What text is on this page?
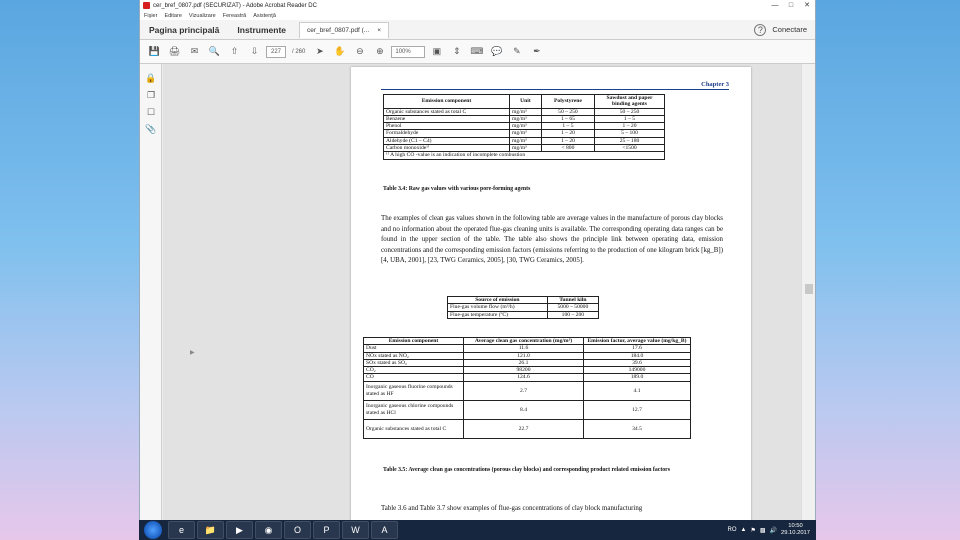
cer_bref_0807.pdf (SECURIZAT) - Adobe Acrobat Reader DC	—	□	✕
Fişier Editare Vizualizare Fereastră Asistenţă
Pagina principală	Instrumente	cer_bref_0807.pdf (... ×	?	Conectare
💾 🖨	✉	🔍	⇧	⇩	227	/ 260	➤	✋	⊖	⊕	100%	▣	⇕	⌨ 💬	✎	✒
🔒
❐
☐
📎
▶
Chapter 3
Emission component	Unit	Polystyrene	Sawdust and paper binding agents
Organic substances stated as total C	mg/m³	50 – 250	50 – 250
Benzene	mg/m³	1 – 65	1 – 5
Phenol	mg/m³	1 – 5	1 – 20
Formaldehyde	mg/m³	1 – 20	5 – 100
Aldehyde (C1 – C4)	mg/m³	1 – 20	25 – 180
Carbon monoxide¹⁾	mg/m³	< 800	<1500
¹⁾ A high CO -value is an indication of incomplete combustion			
Table 3.4: Raw gas values with various pore-forming agents
The examples of clean gas values shown in the following table are average values in the manufacture of porous clay blocks and no information about the operated flue-gas cleaning units is available. The corresponding operating data ranges can be found in the upper section of the table. The table also shows the principle link between operating data, emission concentrations and the corresponding emission factors (emissions referring to the production of one kilogram brick [kg_B]) [4, UBA, 2001], [23, TWG Ceramics, 2005], [30, TWG Ceramics, 2005].
Source of emission	Tunnel kiln
Flue-gas volume flow (m³/h)	5000 – 50000
Flue-gas temperature (ºC)	100 – 200
Emission component	Average clean gas concentration (mg/m³)	Emission factor, average value (mg/kg_B)
Dust	11.6	17.6
NOx stated as NO₂	121.0	184.0
SOx stated as SO₂	26.1	39.6
CO₂	98200	149000
CO	124.6	189.0
Inorganic gaseous fluorine compounds stated as HF	2.7	4.1
Inorganic gaseous chlorine compounds stated as HCl	8.4	12.7
Organic substances stated as total C	22.7	34.5
Table 3.5: Average clean gas concentrations (porous clay blocks) and corresponding product related emission factors
Table 3.6 and Table 3.7 show examples of flue-gas concentrations of clay block manufacturing
e	📁	▶	◉	O	P	W	A	RO ▲ ⚑ ▩ 🔊
10:50
29.10.2017
